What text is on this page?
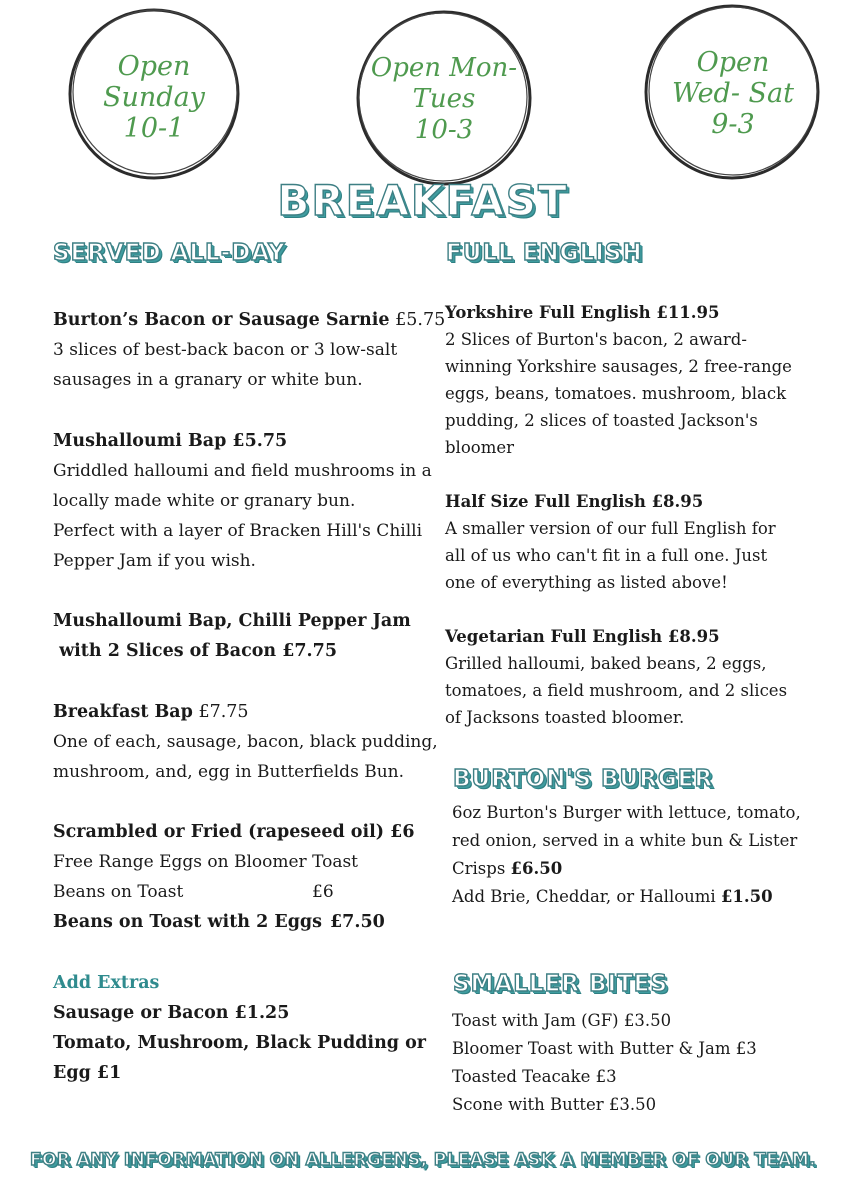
Open
Sunday
10-1
Open Mon-
Tues
10-3
Open
Wed- Sat
9-3
BREAKFAST
SERVED ALL-DAY
Burton’s Bacon or Sausage Sarnie £5.75
3 slices of best-back bacon or 3 low-salt
sausages in a granary or white bun.
Mushalloumi Bap £5.75
Griddled halloumi and field mushrooms in a
locally made white or granary bun.
Perfect with a layer of Bracken Hill's Chilli
Pepper Jam if you wish.
Mushalloumi Bap, Chilli Pepper Jam
with 2 Slices of Bacon £7.75
Breakfast Bap £7.75
One of each, sausage, bacon, black pudding,
mushroom, and, egg in Butterfields Bun.
Scrambled or Fried (rapeseed oil) £6
Free Range Eggs on Bloomer Toast
Beans on Toast	£6
Beans on Toast with 2 Eggs £7.50
Add Extras
Sausage or Bacon £1.25
Tomato, Mushroom, Black Pudding or
Egg £1
FULL ENGLISH
Yorkshire Full English £11.95
2 Slices of Burton's bacon, 2 award-
winning Yorkshire sausages, 2 free-range
eggs, beans, tomatoes. mushroom, black
pudding, 2 slices of toasted Jackson's
bloomer
Half Size Full English £8.95
A smaller version of our full English for
all of us who can't fit in a full one. Just
one of everything as listed above!
Vegetarian Full English £8.95
Grilled halloumi, baked beans, 2 eggs,
tomatoes, a field mushroom, and 2 slices
of Jacksons toasted bloomer.
BURTON'S BURGER
6oz Burton's Burger with lettuce, tomato,
red onion, served in a white bun & Lister
Crisps £6.50
Add Brie, Cheddar, or Halloumi £1.50
SMALLER BITES
Toast with Jam (GF) £3.50
Bloomer Toast with Butter & Jam £3
Toasted Teacake £3
Scone with Butter £3.50
FOR ANY INFORMATION ON ALLERGENS, PLEASE ASK A MEMBER OF OUR TEAM.
